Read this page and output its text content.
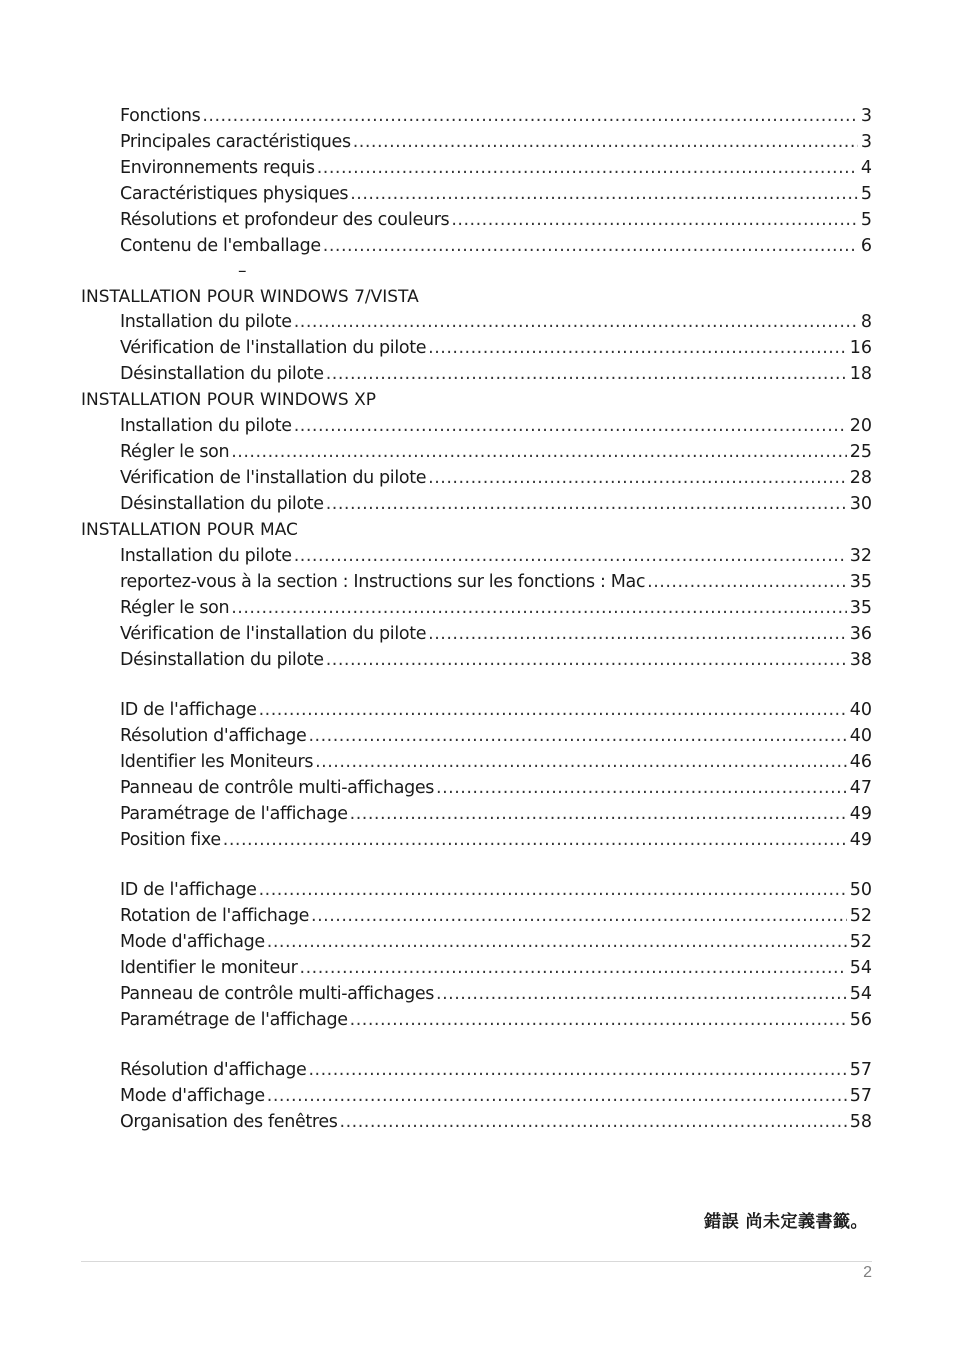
Fonctions .....	3
Principales caractéristiques .....	3
Environnements requis .....	4
Caractéristiques physiques .....	5
Résolutions et profondeur des couleurs .....	5
Contenu de l'emballage .....	6
–
INSTALLATION POUR WINDOWS 7/VISTA
Installation du pilote .....	8
Vérification de l'installation du pilote .....	16
Désinstallation du pilote .....	18
INSTALLATION POUR WINDOWS XP
Installation du pilote .....	20
Régler le son .....	25
Vérification de l'installation du pilote .....	28
Désinstallation du pilote .....	30
INSTALLATION POUR MAC
Installation du pilote .....	32
reportez-vous à la section : Instructions sur les fonctions : Mac .....	35
Régler le son .....	35
Vérification de l'installation du pilote .....	36
Désinstallation du pilote .....	38
ID de l'affichage .....	40
Résolution d'affichage .....	40
Identifier les Moniteurs .....	46
Panneau de contrôle multi-affichages .....	47
Paramétrage de l'affichage .....	49
Position fixe .....	49
ID de l'affichage .....	50
Rotation de l'affichage .....	52
Mode d'affichage .....	52
Identifier le moniteur .....	54
Panneau de contrôle multi-affichages .....	54
Paramétrage de l'affichage .....	56
Résolution d'affichage .....	57
Mode d'affichage .....	57
Organisation des fenêtres .....	58
錯誤 尚未定義書籤。
2
